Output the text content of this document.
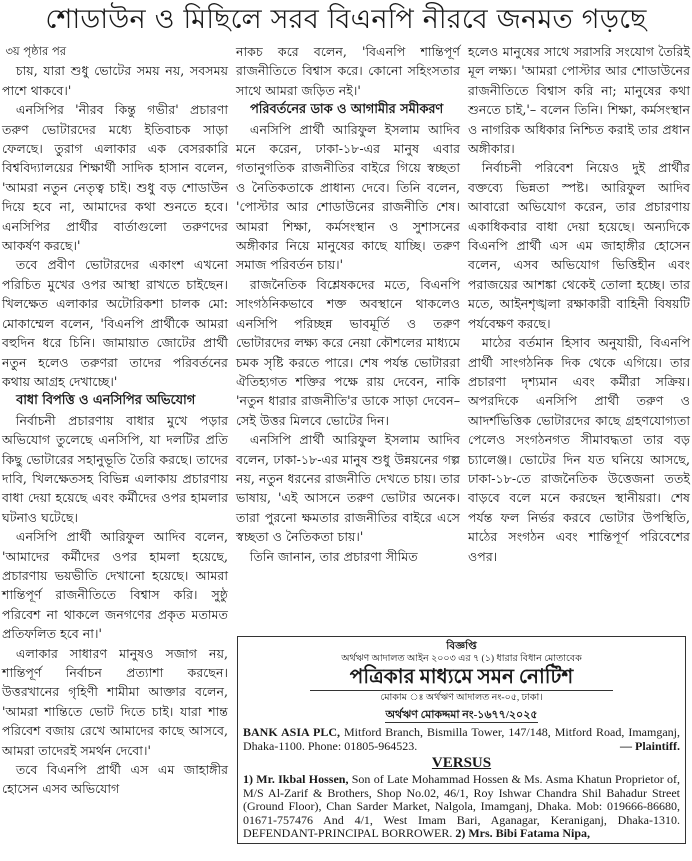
শোডাউন ও মিছিলে সরব বিএনপি নীরবে জনমত গড়ছে

৩য় পৃষ্ঠার পর

চায়, যারা শুধু ভোটের সময় নয়, সবসময় পাশে থাকবে।'

এনসিপির 'নীরব কিন্তু গভীর' প্রচারণা তরুণ ভোটারদের মধ্যে ইতিবাচক সাড়া ফেলছে। তুরাগ এলাকার এক বেসরকারি বিশ্ববিদ্যালয়ের শিক্ষার্থী সাদিক হাসান বলেন, 'আমরা নতুন নেতৃত্ব চাই। শুধু বড় শোডাউন দিয়ে হবে না, আমাদের কথা শুনতে হবে। এনসিপির প্রার্থীর বার্তাগুলো তরুণদের আকর্ষণ করছে।'

তবে প্রবীণ ভোটারদের একাংশ এখনো পরিচিত মুখের ওপর আস্থা রাখতে চাইছেন। খিলক্ষেত এলাকার অটোরিকশা চালক মো: মোকাম্মেল বলেন, 'বিএনপি প্রার্থীকে আমরা বহুদিন ধরে চিনি। জামায়াত জোটের প্রার্থী নতুন হলেও তরুণরা তাদের পরিবর্তনের কথায় আগ্রহ দেখাচ্ছে।'

বাধা বিপত্তি ও এনসিপির অভিযোগ

নির্বাচনী প্রচারণায় বাধার মুখে পড়ার অভিযোগ তুলেছে এনসিপি, যা দলটির প্রতি কিছু ভোটারের সহানুভূতি তৈরি করছে। তাদের দাবি, খিলক্ষেতসহ বিভিন্ন এলাকায় প্রচারণায় বাধা দেয়া হয়েছে এবং কর্মীদের ওপর হামলার ঘটনাও ঘটেছে।

এনসিপি প্রার্থী আরিফুল আদিব বলেন, 'আমাদের কর্মীদের ওপর হামলা হয়েছে, প্রচারণায় ভয়ভীতি দেখানো হয়েছে। আমরা শান্তিপূর্ণ রাজনীতিতে বিশ্বাস করি। সুষ্ঠু পরিবেশ না থাকলে জনগণের প্রকৃত মতামত প্রতিফলিত হবে না।'

এলাকার সাধারণ মানুষও সজাগ নয়, শান্তিপূর্ণ নির্বাচন প্রত্যাশা করছেন। উত্তরখানের গৃহিণী শামীমা আক্তার বলেন, 'আমরা শান্তিতে ভোট দিতে চাই। যারা শান্ত পরিবেশ বজায় রেখে আমাদের কাছে আসবে, আমরা তাদেরই সমর্থন দেবো।'

তবে বিএনপি প্রার্থী এস এম জাহাঙ্গীর হোসেন এসব অভিযোগ

নাকচ করে বলেন, 'বিএনপি শান্তিপূর্ণ রাজনীতিতে বিশ্বাস করে। কোনো সহিংসতার সাথে আমরা জড়িত নই।'

পরিবর্তনের ডাক ও আগামীর সমীকরণ

এনসিপি প্রার্থী আরিফুল ইসলাম আদিব মনে করেন, ঢাকা-১৮-এর মানুষ এবার গতানুগতিক রাজনীতির বাইরে গিয়ে স্বচ্ছতা ও নৈতিকতাকে প্রাধান্য দেবে। তিনি বলেন, 'পোস্টার আর শোডাউনের রাজনীতি শেষ। আমরা শিক্ষা, কর্মসংস্থান ও সুশাসনের অঙ্গীকার নিয়ে মানুষের কাছে যাচ্ছি। তরুণ সমাজ পরিবর্তন চায়।'

রাজনৈতিক বিশ্লেষকদের মতে, বিএনপি সাংগঠনিকভাবে শক্ত অবস্থানে থাকলেও এনসিপি পরিচ্ছন্ন ভাবমূর্তি ও তরুণ ভোটারদের লক্ষ্য করে নেয়া কৌশলের মাধ্যমে চমক সৃষ্টি করতে পারে। শেষ পর্যন্ত ভোটাররা ঐতিহ্যগত শক্তির পক্ষে রায় দেবেন, নাকি 'নতুন ধারার রাজনীতি'র ডাকে সাড়া দেবেন– সেই উত্তর মিলবে ভোটের দিন।

এনসিপি প্রার্থী আরিফুল ইসলাম আদিব বলেন, ঢাকা-১৮-এর মানুষ শুধু উন্নয়নের গল্প নয়, নতুন ধরনের রাজনীতি দেখতে চায়। তার ভাষায়, 'এই আসনে তরুণ ভোটার অনেক। তারা পুরনো ক্ষমতার রাজনীতির বাইরে এসে স্বচ্ছতা ও নৈতিকতা চায়।'

তিনি জানান, তার প্রচারণা সীমিত

হলেও মানুষের সাথে সরাসরি সংযোগ তৈরিই মূল লক্ষ্য। 'আমরা পোস্টার আর শোডাউনের রাজনীতিতে বিশ্বাস করি না; মানুষের কথা শুনতে চাই,'– বলেন তিনি। শিক্ষা, কর্মসংস্থান ও নাগরিক অধিকার নিশ্চিত করাই তার প্রধান অঙ্গীকার।

নির্বাচনী পরিবেশ নিয়েও দুই প্রার্থীর বক্তব্যে ভিন্নতা স্পষ্ট। আরিফুল আদিব আবারো অভিযোগ করেন, তার প্রচারণায় একাধিকবার বাধা দেয়া হয়েছে। অন্যদিকে বিএনপি প্রার্থী এস এম জাহাঙ্গীর হোসেন বলেন, এসব অভিযোগ ভিত্তিহীন এবং পরাজয়ের আশঙ্কা থেকেই তোলা হচ্ছে। তার মতে, আইনশৃঙ্খলা রক্ষাকারী বাহিনী বিষয়টি পর্যবেক্ষণ করছে।

মাঠের বর্তমান হিসাব অনুযায়ী, বিএনপি প্রার্থী সাংগঠনিক দিক থেকে এগিয়ে। তার প্রচারণা দৃশ্যমান এবং কর্মীরা সক্রিয়। অপরদিকে এনসিপি প্রার্থী তরুণ ও আদর্শভিত্তিক ভোটারদের কাছে গ্রহণযোগ্যতা পেলেও সংগঠনগত সীমাবদ্ধতা তার বড় চ্যালেঞ্জ। ভোটের দিন যত ঘনিয়ে আসছে, ঢাকা-১৮-তে রাজনৈতিক উত্তেজনা ততই বাড়বে বলে মনে করছেন স্থানীয়রা। শেষ পর্যন্ত ফল নির্ভর করবে ভোটার উপস্থিতি, মাঠের সংগঠন এবং শান্তিপূর্ণ পরিবেশের ওপর।

বিজ্ঞপ্তি
অর্থঋণ আদালত আইন ২০০৩ এর ৭ (১) ধারার বিধান মোতাবেক
পত্রিকার মাধ্যমে সমন নোটিশ
মোকাম ঃ অর্থঋণ আদালত নং-০৫, ঢাকা।
অর্থঋণ মোকদ্দমা নং-১৬৭৭/২০২৫
BANK ASIA PLC, Mitford Branch, Bismilla Tower, 147/148, Mitford Road, Imamganj, Dhaka-1100. Phone: 01805-964523.	— Plaintiff.
VERSUS
1) Mr. Ikbal Hossen, Son of Late Mohammad Hossen & Ms. Asma Khatun Proprietor of, M/S Al-Zarif & Brothers, Shop No.02, 46/1, Roy Ishwar Chandra Shil Bahadur Street (Ground Floor), Chan Sarder Market, Nalgola, Imamganj, Dhaka. Mob: 019666-86680, 01671-757476 And 4/1, West Imam Bari, Aganagar, Keraniganj, Dhaka-1310. DEFENDANT-PRINCIPAL BORROWER. 2) Mrs. Bibi Fatama Nipa,
